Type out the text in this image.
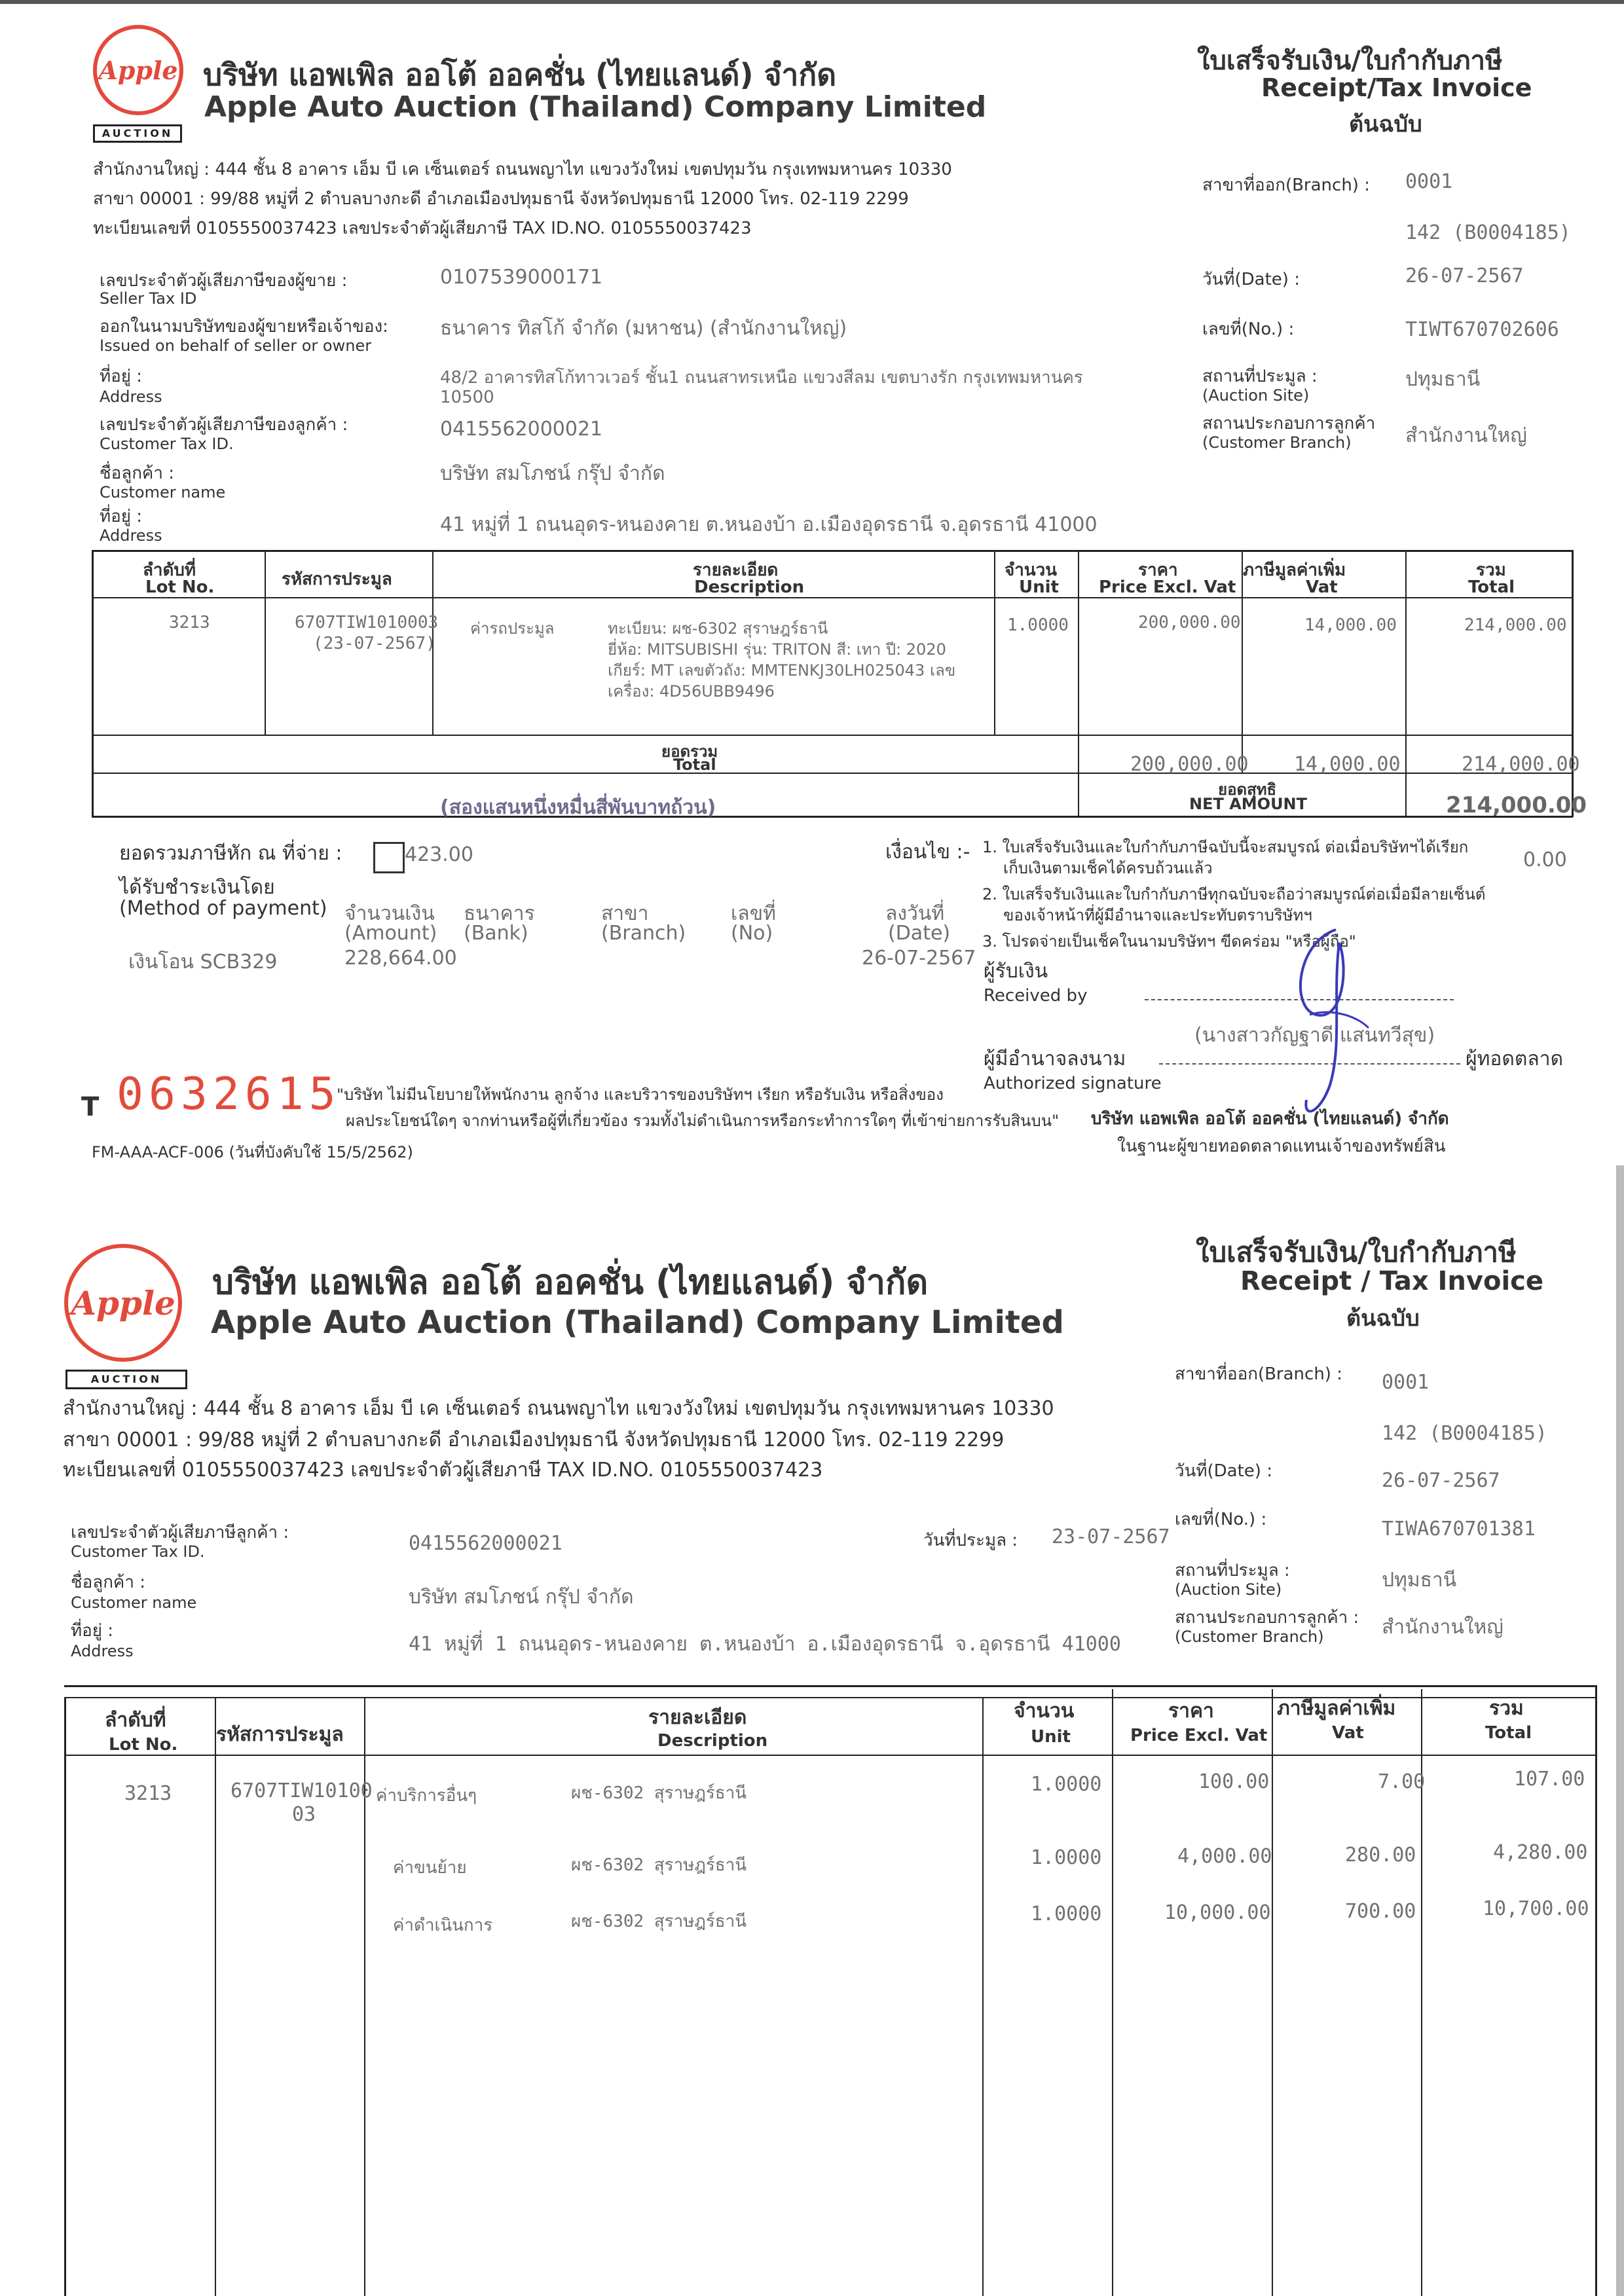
Apple
AUCTION
บริษัท แอพเพิล ออโต้ ออคชั่น (ไทยแลนด์) จำกัด
Apple Auto Auction (Thailand) Company Limited
สำนักงานใหญ่ : 444 ชั้น 8 อาคาร เอ็ม บี เค เซ็นเตอร์ ถนนพญาไท แขวงวังใหม่ เขตปทุมวัน กรุงเทพมหานคร 10330
สาขา 00001 : 99/88 หมู่ที่ 2 ตำบลบางกะดี อำเภอเมืองปทุมธานี จังหวัดปทุมธานี 12000 โทร. 02-119 2299
ทะเบียนเลขที่ 0105550037423 เลขประจำตัวผู้เสียภาษี TAX ID.NO. 0105550037423
ใบเสร็จรับเงิน/ใบกำกับภาษี
Receipt/Tax Invoice
ต้นฉบับ
สาขาที่ออก(Branch) : 0001
142 (B0004185)
วันที่(Date) :	26-07-2567
เลขที่(No.) :	TIWT670702606
สถานที่ประมูล :
(Auction Site)
ปทุมธานี
สถานประกอบการลูกค้า
(Customer Branch)	สำนักงานใหญ่
เลขประจำตัวผู้เสียภาษีของผู้ขาย :
Seller Tax ID
0107539000171
ออกในนามบริษัทของผู้ขายหรือเจ้าของ:
Issued on behalf of seller or owner
ธนาคาร ทิสโก้ จำกัด (มหาชน) (สำนักงานใหญ่)
ที่อยู่ :
Address
48/2 อาคารทิสโก้ทาวเวอร์ ชั้น1 ถนนสาทรเหนือ แขวงสีลม เขตบางรัก กรุงเทพมหานคร
10500
เลขประจำตัวผู้เสียภาษีของลูกค้า :
Customer Tax ID.
0415562000021
ชื่อลูกค้า :
Customer name
บริษัท สมโภชน์ กรุ๊ป จำกัด
ที่อยู่ :
Address	41 หมู่ที่ 1 ถนนอุดร-หนองคาย ต.หนองบ้า อ.เมืองอุดรธานี จ.อุดรธานี 41000
ลำดับที่
Lot No.	รหัสการประมูล	รายละเอียด
Description
จำนวน
Unit
ราคา
Price Excl. Vat
ภาษีมูลค่าเพิ่ม
Vat
รวม
Total
3213	6707TIW1010003
(23-07-2567)
ค่ารถประมูล	ทะเบียน: ผช-6302 สุราษฎร์ธานี
ยี่ห้อ: MITSUBISHI รุ่น: TRITON สี: เทา ปี: 2020
เกียร์: MT เลขตัวถัง: MMTENKJ30LH025043 เลข
เครื่อง: 4D56UBB9496
1.0000	200,000.00	14,000.00	214,000.00
ยอดรวม
Total	200,000.00 14,000.00	214,000.00
(สองแสนหนึ่งหมื่นสี่พันบาทถ้วน)
ยอดสุทธิ
NET AMOUNT	214,000.00
ยอดรวมภาษีหัก ณ ที่จ่าย :	423.00
ได้รับชำระเงินโดย
(Method of payment) จำนวนเงิน
(Amount)
ธนาคาร
(Bank)
สาขา
(Branch)
เลขที่
(No)
ลงวันที่
(Date)
เงินโอน SCB329	228,664.00	26-07-2567
เงื่อนไข :- 1. ใบเสร็จรับเงินและใบกำกับภาษีฉบับนี้จะสมบูรณ์ ต่อเมื่อบริษัทฯได้เรียก
เก็บเงินตามเช็คได้ครบถ้วนแล้ว
2. ใบเสร็จรับเงินและใบกำกับภาษีทุกฉบับจะถือว่าสมบูรณ์ต่อเมื่อมีลายเซ็นต์
ของเจ้าหน้าที่ผู้มีอำนาจและประทับตราบริษัทฯ
3. โปรดจ่ายเป็นเช็คในนามบริษัทฯ ขีดคร่อม "หรือผู้ถือ"
0.00
ผู้รับเงิน
Received by
(นางสาวกัญฐาดี แสนทวีสุข)
ผู้มีอำนาจลงนาม
Authorized signature
ผู้ทอดตลาด
บริษัท แอพเพิล ออโต้ ออคชั่น (ไทยแลนด์) จำกัด
ในฐานะผู้ขายทอดตลาดแทนเจ้าของทรัพย์สิน
T 0632615
"บริษัท ไม่มีนโยบายให้พนักงาน ลูกจ้าง และบริวารของบริษัทฯ เรียก หรือรับเงิน หรือสิ่งของ
ผลประโยชน์ใดๆ จากท่านหรือผู้ที่เกี่ยวข้อง รวมทั้งไม่ดำเนินการหรือกระทำการใดๆ ที่เข้าข่ายการรับสินบน"
FM-AAA-ACF-006 (วันที่บังคับใช้ 15/5/2562)
Apple
AUCTION
บริษัท แอพเพิล ออโต้ ออคชั่น (ไทยแลนด์) จำกัด
Apple Auto Auction (Thailand) Company Limited
สำนักงานใหญ่ : 444 ชั้น 8 อาคาร เอ็ม บี เค เซ็นเตอร์ ถนนพญาไท แขวงวังใหม่ เขตปทุมวัน กรุงเทพมหานคร 10330
สาขา 00001 : 99/88 หมู่ที่ 2 ตำบลบางกะดี อำเภอเมืองปทุมธานี จังหวัดปทุมธานี 12000 โทร. 02-119 2299
ทะเบียนเลขที่ 0105550037423 เลขประจำตัวผู้เสียภาษี TAX ID.NO. 0105550037423
ใบเสร็จรับเงิน/ใบกำกับภาษี
Receipt / Tax Invoice
ต้นฉบับ
สาขาที่ออก(Branch) : 0001
142 (B0004185)
วันที่(Date) :	26-07-2567
เลขที่(No.) :	TIWA670701381
สถานที่ประมูล :
(Auction Site)	ปทุมธานี
สถานประกอบการลูกค้า :
(Customer Branch)	สำนักงานใหญ่
เลขประจำตัวผู้เสียภาษีลูกค้า :
Customer Tax ID.	0415562000021	วันที่ประมูล : 23-07-2567
ชื่อลูกค้า :
Customer name	บริษัท สมโภชน์ กรุ๊ป จำกัด
ที่อยู่ :
Address	41 หมู่ที่ 1 ถนนอุดร-หนองคาย ต.หนองบ้า อ.เมืองอุดรธานี จ.อุดรธานี 41000
ลำดับที่
Lot No. รหัสการประมูล
รายละเอียด
Description
จำนวน
Unit
ราคา
Price Excl. Vat
ภาษีมูลค่าเพิ่ม
Vat
รวม
Total
3213	6707TIW10100
03
ค่าบริการอื่นๆ	ผช-6302 สุราษฎร์ธานี	1.0000	100.00	7.00	107.00
ค่าขนย้าย	ผช-6302 สุราษฎร์ธานี	1.0000	4,000.00	280.00	4,280.00
ค่าดำเนินการ	ผช-6302 สุราษฎร์ธานี	1.0000	10,000.00	700.00	10,700.00
